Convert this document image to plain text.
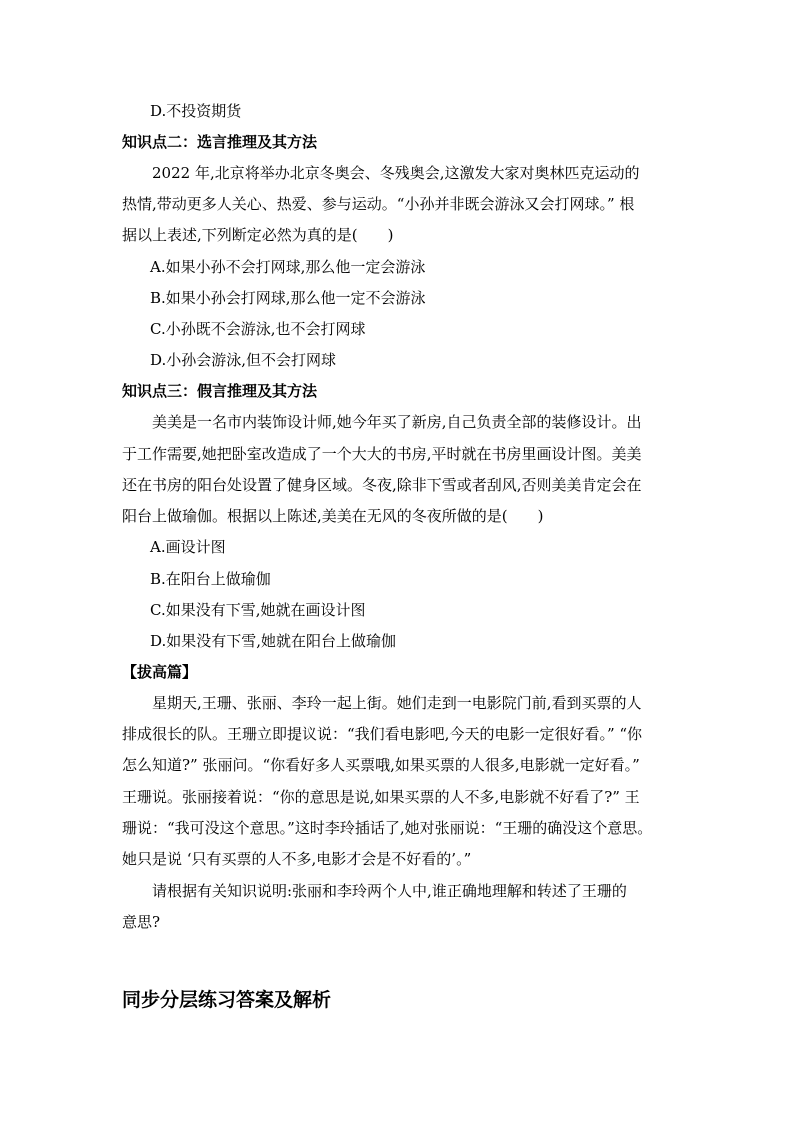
D.不投资期货
知识点二：选言推理及其方法
2022 年,北京将举办北京冬奥会、冬残奥会,这激发大家对奥林匹克运动的
热情,带动更多人关心、热爱、参与运动。“小孙并非既会游泳又会打网球。” 根
据以上表述,下列断定必然为真的是(　　)
A.如果小孙不会打网球,那么他一定会游泳
B.如果小孙会打网球,那么他一定不会游泳
C.小孙既不会游泳,也不会打网球
D.小孙会游泳,但不会打网球
知识点三：假言推理及其方法
美美是一名市内装饰设计师,她今年买了新房,自己负责全部的装修设计。出
于工作需要,她把卧室改造成了一个大大的书房,平时就在书房里画设计图。美美
还在书房的阳台处设置了健身区域。冬夜,除非下雪或者刮风,否则美美肯定会在
阳台上做瑜伽。根据以上陈述,美美在无风的冬夜所做的是(　　)
A.画设计图
B.在阳台上做瑜伽
C.如果没有下雪,她就在画设计图
D.如果没有下雪,她就在阳台上做瑜伽
【拔高篇】
星期天,王珊、张丽、李玲一起上街。她们走到一电影院门前,看到买票的人
排成很长的队。王珊立即提议说：“我们看电影吧,今天的电影一定很好看。” “你
怎么知道?” 张丽问。“你看好多人买票哦,如果买票的人很多,电影就一定好看。”
王珊说。张丽接着说：“你的意思是说,如果买票的人不多,电影就不好看了?” 王
珊说：“我可没这个意思。”这时李玲插话了,她对张丽说：“王珊的确没这个意思。
她只是说 ‘只有买票的人不多,电影才会是不好看的’。”
请根据有关知识说明:张丽和李玲两个人中,谁正确地理解和转述了王珊的
意思?
同步分层练习答案及解析
